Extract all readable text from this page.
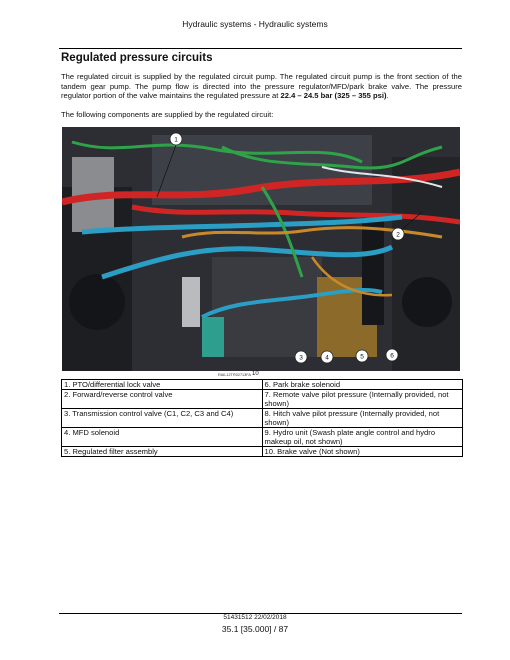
Hydraulic systems - Hydraulic systems
Regulated pressure circuits
The regulated circuit is supplied by the regulated circuit pump. The regulated circuit pump is the front section of the tandem gear pump. The pump flow is directed into the pressure regulator/MFD/park brake valve. The pressure regulator portion of the valve maintains the regulated pressure at 22.4 – 24.5 bar (325 – 355 psi).
The following components are supplied by the regulated circuit:
1
2
3	4	5	6
RAIL12TR02713FA 10
1. PTO/differential lock valve	6. Park brake solenoid
2. Forward/reverse control valve	7. Remote valve pilot pressure (Internally provided, not shown)
3. Transmission control valve (C1, C2, C3 and C4)	8. Hitch valve pilot pressure (Internally provided, not shown)
4. MFD solenoid	9. Hydro unit (Swash plate angle control and hydro makeup oil, not shown)
5. Regulated filter assembly	10. Brake valve (Not shown)
51431512 22/02/2018
35.1 [35.000] / 87
